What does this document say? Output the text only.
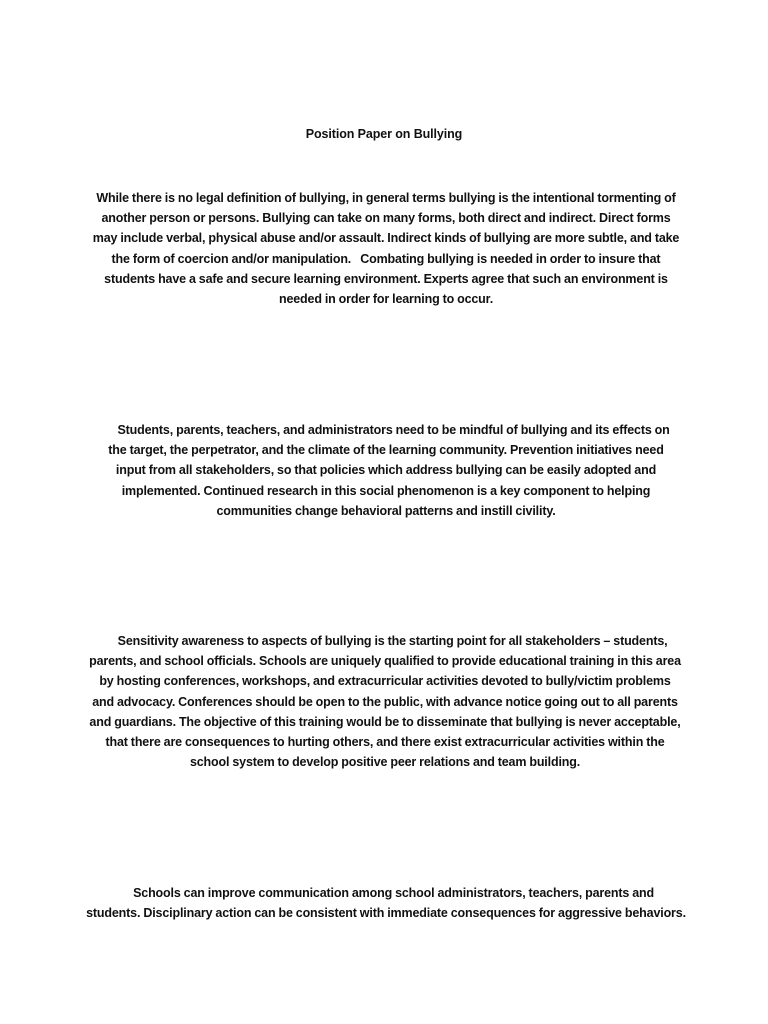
Position Paper on Bullying
While there is no legal definition of bullying, in general terms bullying is the intentional tormenting of
another person or persons. Bullying can take on many forms, both direct and indirect. Direct forms
may include verbal, physical abuse and/or assault. Indirect kinds of bullying are more subtle, and take
the form of coercion and/or manipulation.   Combating bullying is needed in order to insure that
students have a safe and secure learning environment. Experts agree that such an environment is
needed in order for learning to occur.
Students, parents, teachers, and administrators need to be mindful of bullying and its effects on
the target, the perpetrator, and the climate of the learning community. Prevention initiatives need
input from all stakeholders, so that policies which address bullying can be easily adopted and
implemented. Continued research in this social phenomenon is a key component to helping
communities change behavioral patterns and instill civility.
Sensitivity awareness to aspects of bullying is the starting point for all stakeholders – students,
parents, and school officials. Schools are uniquely qualified to provide educational training in this area
by hosting conferences, workshops, and extracurricular activities devoted to bully/victim problems
and advocacy. Conferences should be open to the public, with advance notice going out to all parents
and guardians. The objective of this training would be to disseminate that bullying is never acceptable,
that there are consequences to hurting others, and there exist extracurricular activities within the
school system to develop positive peer relations and team building.
Schools can improve communication among school administrators, teachers, parents and
students. Disciplinary action can be consistent with immediate consequences for aggressive behaviors.
